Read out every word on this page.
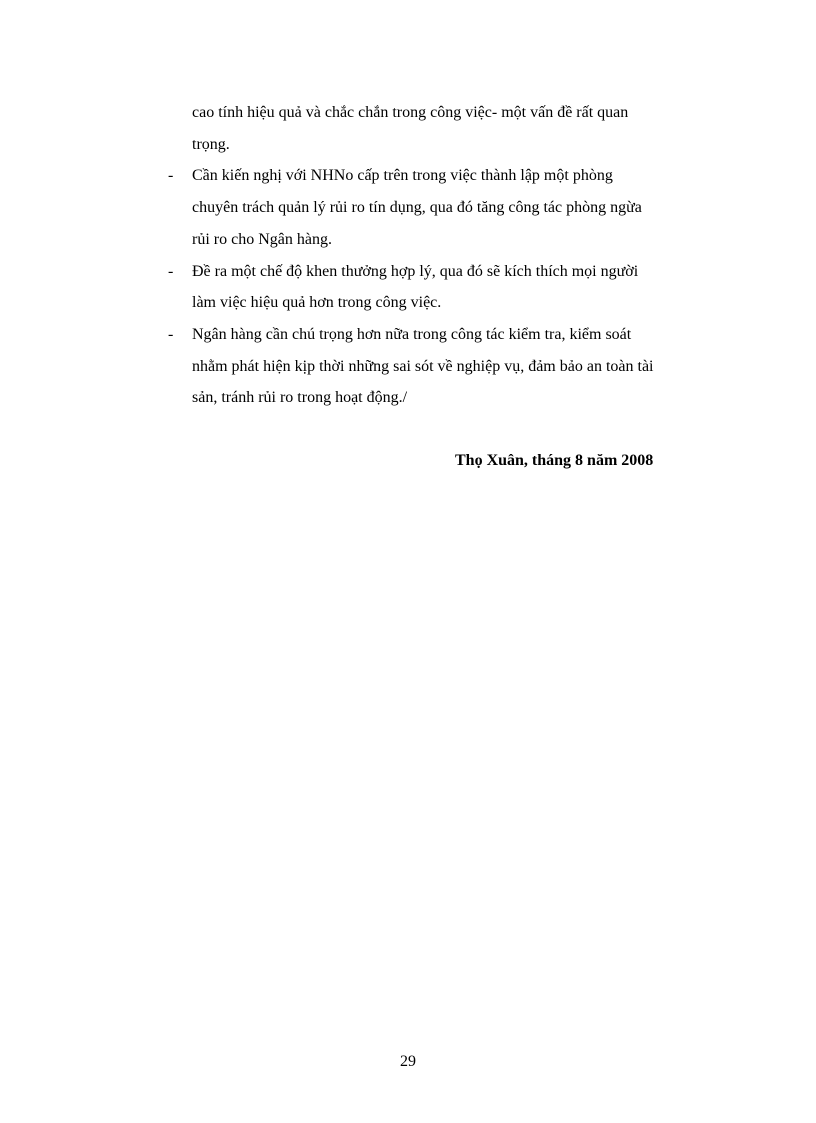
cao tính hiệu quả và chắc chắn trong công việc- một vấn đề rất quan
trọng.
- Cần kiến nghị với NHNo cấp trên trong việc thành lập một phòng
chuyên trách quản lý rủi ro tín dụng, qua đó tăng công tác phòng ngừa
rủi ro cho Ngân hàng.
- Đề ra một chế độ khen thưởng hợp lý, qua đó sẽ kích thích mọi người
làm việc hiệu quả hơn trong công việc.
- Ngân hàng cần chú trọng hơn nữa trong công tác kiểm tra, kiểm soát
nhằm phát hiện kịp thời những sai sót về nghiệp vụ, đảm bảo an toàn tài
sản, tránh rủi ro trong hoạt động./
Thọ Xuân, tháng 8 năm 2008
29
